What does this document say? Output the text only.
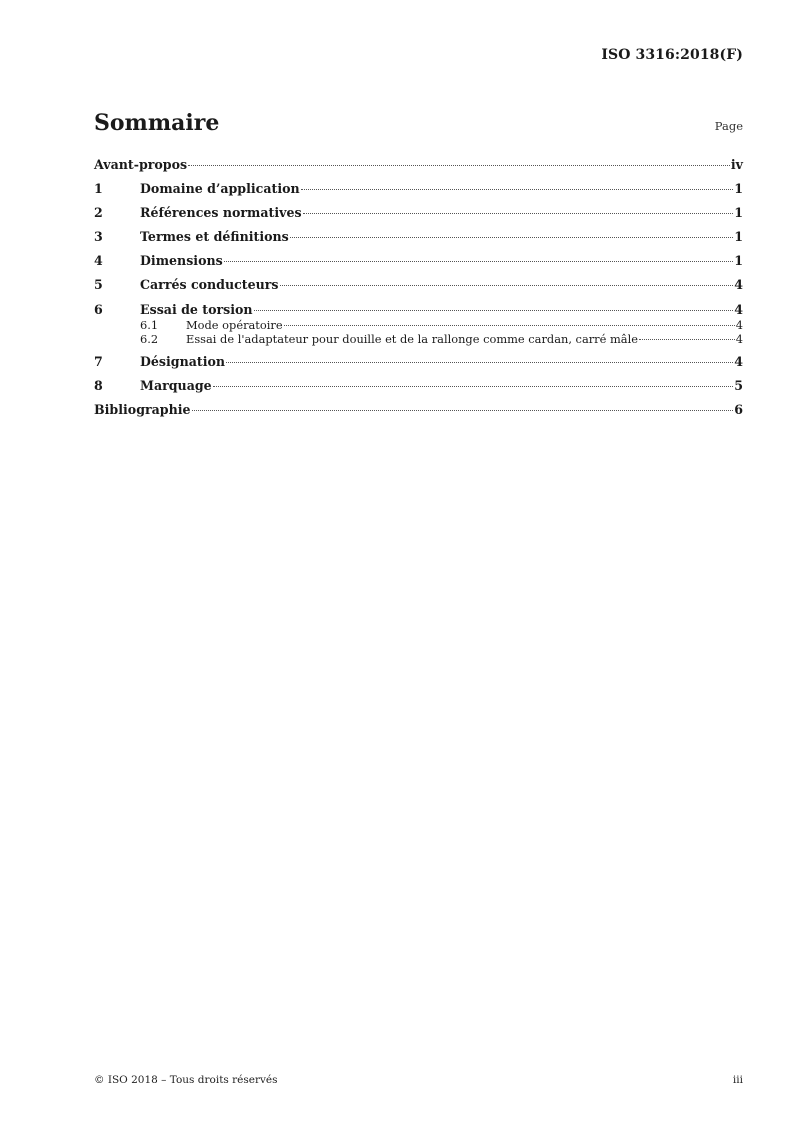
ISO 3316:2018(F)
Sommaire	Page
Avant-propos	iv
1	Domaine d’application	1
2	Références normatives	1
3	Termes et définitions	1
4	Dimensions	1
5	Carrés conducteurs	4
6	Essai de torsion	4
6.1	Mode opératoire	4
6.2	Essai de l'adaptateur pour douille et de la rallonge comme cardan, carré mâle	4
7	Désignation	4
8	Marquage	5
Bibliographie	6
© ISO 2018 – Tous droits réservés	iii
